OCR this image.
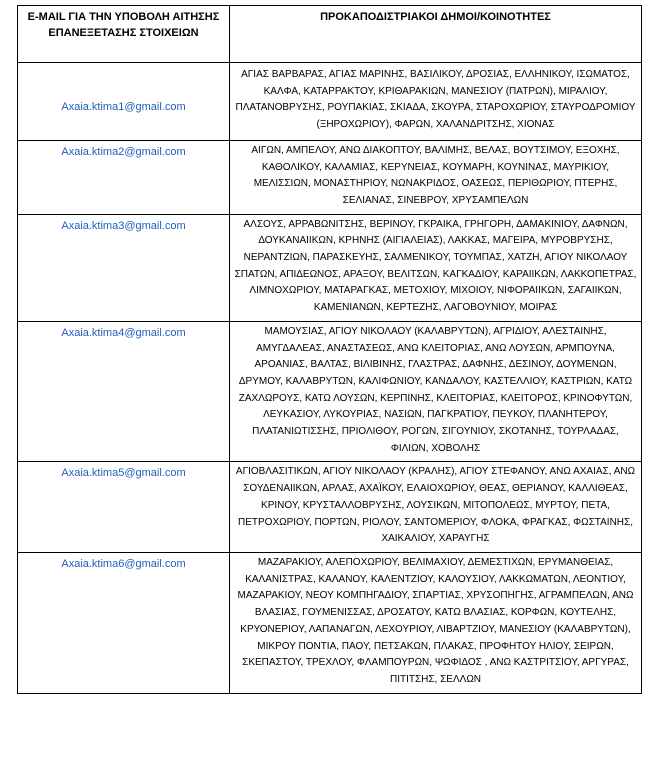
E-MAIL ΓΙΑ ΤΗΝ ΥΠΟΒΟΛΗ ΑΙΤΗΣΗΣ ΕΠΑΝΕΞΕΤΑΣΗΣ ΣΤΟΙΧΕΙΩΝ	ΠΡΟΚΑΠΟΔΙΣΤΡΙΑΚΟΙ ΔΗΜΟΙ/ΚΟΙΝΟΤΗΤΕΣ
Axaia.ktima1@gmail.com	ΑΓΙΑΣ ΒΑΡΒΑΡΑΣ, ΑΓΙΑΣ ΜΑΡΙΝΗΣ, ΒΑΣΙΛΙΚΟΥ, ΔΡΟΣΙΑΣ, ΕΛΛΗΝΙΚΟΥ, ΙΣΩΜΑΤΟΣ, ΚΑΛΦΑ, ΚΑΤΑΡΡΑΚΤΟΥ, ΚΡΙΘΑΡΑΚΙΩΝ, ΜΑΝΕΣΙΟΥ (ΠΑΤΡΩΝ), ΜΙΡΑΛΙΟΥ, ΠΛΑΤΑΝΟΒΡΥΣΗΣ, ΡΟΥΠΑΚΙΑΣ, ΣΚΙΑΔΑ, ΣΚΟΥΡΑ, ΣΤΑΡΟΧΩΡΙΟΥ, ΣΤΑΥΡΟΔΡΟΜΙΟΥ (ΞΗΡΟΧΩΡΙΟΥ), ΦΑΡΩΝ, ΧΑΛΑΝΔΡΙΤΣΗΣ, ΧΙΟΝΑΣ
Axaia.ktima2@gmail.com	ΑΙΓΩΝ, ΑΜΠΕΛΟΥ, ΑΝΩ ΔΙΑΚΟΠΤΟΥ, ΒΑΛΙΜΗΣ, ΒΕΛΑΣ, ΒΟΥΤΣΙΜΟΥ, ΕΞΟΧΗΣ, ΚΑΘΟΛΙΚΟΥ, ΚΑΛΑΜΙΑΣ, ΚΕΡΥΝΕΙΑΣ, ΚΟΥΜΑΡΗ, ΚΟΥΝΙΝΑΣ, ΜΑΥΡΙΚΙΟΥ, ΜΕΛΙΣΣΙΩΝ, ΜΟΝΑΣΤΗΡΙΟΥ, ΝΩΝΑΚΡΙΔΟΣ, ΟΑΣΕΩΣ, ΠΕΡΙΘΩΡΙΟΥ, ΠΤΕΡΗΣ, ΣΕΛΙΑΝΑΣ, ΣΙΝΕΒΡΟΥ, ΧΡΥΣΑΜΠΕΛΩΝ
Axaia.ktima3@gmail.com	ΑΛΣΟΥΣ, ΑΡΡΑΒΩΝΙΤΣΗΣ, ΒΕΡΙΝΟΥ, ΓΚΡΑΙΚΑ, ΓΡΗΓΟΡΗ, ΔΑΜΑΚΙΝΙΟΥ, ΔΑΦΝΩΝ, ΔΟΥΚΑΝΑΙΙΚΩΝ, ΚΡΗΝΗΣ (ΑΙΓΙΑΛΕΙΑΣ), ΛΑΚΚΑΣ, ΜΑΓΕΙΡΑ, ΜΥΡΟΒΡΥΣΗΣ, ΝΕΡΑΝΤΖΙΩΝ, ΠΑΡΑΣΚΕΥΗΣ, ΣΑΛΜΕΝΙΚΟΥ, ΤΟΥΜΠΑΣ, ΧΑΤΖΗ, ΑΓΙΟΥ ΝΙΚΟΛΑΟΥ ΣΠΑΤΩΝ, ΑΠΙΔΕΩΝΟΣ, ΑΡΑΞΟΥ, ΒΕΛΙΤΣΩΝ, ΚΑΓΚΑΔΙΟΥ, ΚΑΡΑΙΙΚΩΝ, ΛΑΚΚΟΠΕΤΡΑΣ, ΛΙΜΝΟΧΩΡΙΟΥ, ΜΑΤΑΡΑΓΚΑΣ, ΜΕΤΟΧΙΟΥ, ΜΙΧΟΙΟΥ, ΝΙΦΟΡΑΙΙΚΩΝ, ΣΑΓΑΙΙΚΩΝ, ΚΑΜΕΝΙΑΝΩΝ, ΚΕΡΤΕΖΗΣ, ΛΑΓΟΒΟΥΝΙΟΥ, ΜΟΙΡΑΣ
Axaia.ktima4@gmail.com	ΜΑΜΟΥΣΙΑΣ, ΑΓΙΟΥ ΝΙΚΟΛΑΟΥ (ΚΑΛΑΒΡΥΤΩΝ), ΑΓΡΙΔΙΟΥ, ΑΛΕΣΤΑΙΝΗΣ, ΑΜΥΓΔΑΛΕΑΣ, ΑΝΑΣΤΑΣΕΩΣ, ΑΝΩ ΚΛΕΙΤΟΡΙΑΣ, ΑΝΩ ΛΟΥΣΩΝ, ΑΡΜΠΟΥΝΑ, ΑΡΟΑΝΙΑΣ, ΒΑΛΤΑΣ, ΒΙΛΙΒΙΝΗΣ, ΓΛΑΣΤΡΑΣ, ΔΑΦΝΗΣ, ΔΕΣΙΝΟΥ, ΔΟΥΜΕΝΩΝ, ΔΡΥΜΟΥ, ΚΑΛΑΒΡΥΤΩΝ, ΚΑΛΙΦΩΝΙΟΥ, ΚΑΝΔΑΛΟΥ, ΚΑΣΤΕΛΛΙΟΥ, ΚΑΣΤΡΙΩΝ, ΚΑΤΩ ΖΑΧΛΩΡΟΥΣ, ΚΑΤΩ ΛΟΥΣΩΝ, ΚΕΡΠΙΝΗΣ, ΚΛΕΙΤΟΡΙΑΣ, ΚΛΕΙΤΟΡΟΣ, ΚΡΙΝΟΦΥΤΩΝ, ΛΕΥΚΑΣΙΟΥ, ΛΥΚΟΥΡΙΑΣ, ΝΑΣΙΩΝ, ΠΑΓΚΡΑΤΙΟΥ, ΠΕΥΚΟΥ, ΠΛΑΝΗΤΕΡΟΥ, ΠΛΑΤΑΝΙΩΤΙΣΣΗΣ, ΠΡΙΟΛΙΘΟΥ, ΡΟΓΩΝ, ΣΙΓΟΥΝΙΟΥ, ΣΚΟΤΑΝΗΣ, ΤΟΥΡΛΑΔΑΣ, ΦΙΛΙΩΝ, ΧΟΒΟΛΗΣ
Axaia.ktima5@gmail.com	ΑΓΙΟΒΛΑΣΙΤΙΚΩΝ, ΑΓΙΟΥ ΝΙΚΟΛΑΟΥ (ΚΡΑΛΗΣ), ΑΓΙΟΥ ΣΤΕΦΑΝΟΥ, ΑΝΩ ΑΧΑΙΑΣ, ΑΝΩ ΣΟΥΔΕΝΑΙΙΚΩΝ, ΑΡΛΑΣ, ΑΧΑΪΚΟΥ, ΕΛΑΙΟΧΩΡΙΟΥ, ΘΕΑΣ, ΘΕΡΙΑΝΟΥ, ΚΑΛΛΙΘΕΑΣ, ΚΡΙΝΟΥ, ΚΡΥΣΤΑΛΛΟΒΡΥΣΗΣ, ΛΟΥΣΙΚΩΝ, ΜΙΤΟΠΟΛΕΩΣ, ΜΥΡΤΟΥ, ΠΕΤΑ, ΠΕΤΡΟΧΩΡΙΟΥ, ΠΟΡΤΩΝ, ΡΙΟΛΟΥ, ΣΑΝΤΟΜΕΡΙΟΥ, ΦΛΟΚΑ, ΦΡΑΓΚΑΣ, ΦΩΣΤΑΙΝΗΣ, ΧΑΙΚΑΛΙΟΥ, ΧΑΡΑΥΓΗΣ
Axaia.ktima6@gmail.com	ΜΑΖΑΡΑΚΙΟΥ, ΑΛΕΠΟΧΩΡΙΟΥ, ΒΕΛΙΜΑΧΙΟΥ, ΔΕΜΕΣΤΙΧΩΝ, ΕΡΥΜΑΝΘΕΙΑΣ, ΚΑΛΑΝΙΣΤΡΑΣ, ΚΑΛΑΝΟΥ, ΚΑΛΕΝΤΖΙΟΥ, ΚΑΛΟΥΣΙΟΥ, ΛΑΚΚΩΜΑΤΩΝ, ΛΕΟΝΤΙΟΥ, ΜΑΖΑΡΑΚΙΟΥ, ΝΕΟΥ ΚΟΜΠΗΓΑΔΙΟΥ, ΣΠΑΡΤΙΑΣ, ΧΡΥΣΟΠΗΓΗΣ, ΑΓΡΑΜΠΕΛΩΝ, ΑΝΩ ΒΛΑΣΙΑΣ, ΓΟΥΜΕΝΙΣΣΑΣ, ΔΡΟΣΑΤΟΥ, ΚΑΤΩ ΒΛΑΣΙΑΣ, ΚΟΡΦΩΝ, ΚΟΥΤΕΛΗΣ, ΚΡΥΟΝΕΡΙΟΥ, ΛΑΠΑΝΑΓΩΝ, ΛΕΧΟΥΡΙΟΥ, ΛΙΒΑΡΤΖΙΟΥ, ΜΑΝΕΣΙΟΥ (ΚΑΛΑΒΡΥΤΩΝ), ΜΙΚΡΟΥ ΠΟΝΤΙΑ, ΠΑΟΥ, ΠΕΤΣΑΚΩΝ, ΠΛΑΚΑΣ, ΠΡΟΦΗΤΟΥ ΗΛΙΟΥ, ΣΕΙΡΩΝ, ΣΚΕΠΑΣΤΟΥ, ΤΡΕΧΛΟΥ, ΦΛΑΜΠΟΥΡΩΝ, ΨΩΦΙΔΟΣ , ΑΝΩ ΚΑΣΤΡΙΤΣΙΟΥ, ΑΡΓΥΡΑΣ, ΠΙΤΙΤΣΗΣ, ΣΕΛΛΩΝ
